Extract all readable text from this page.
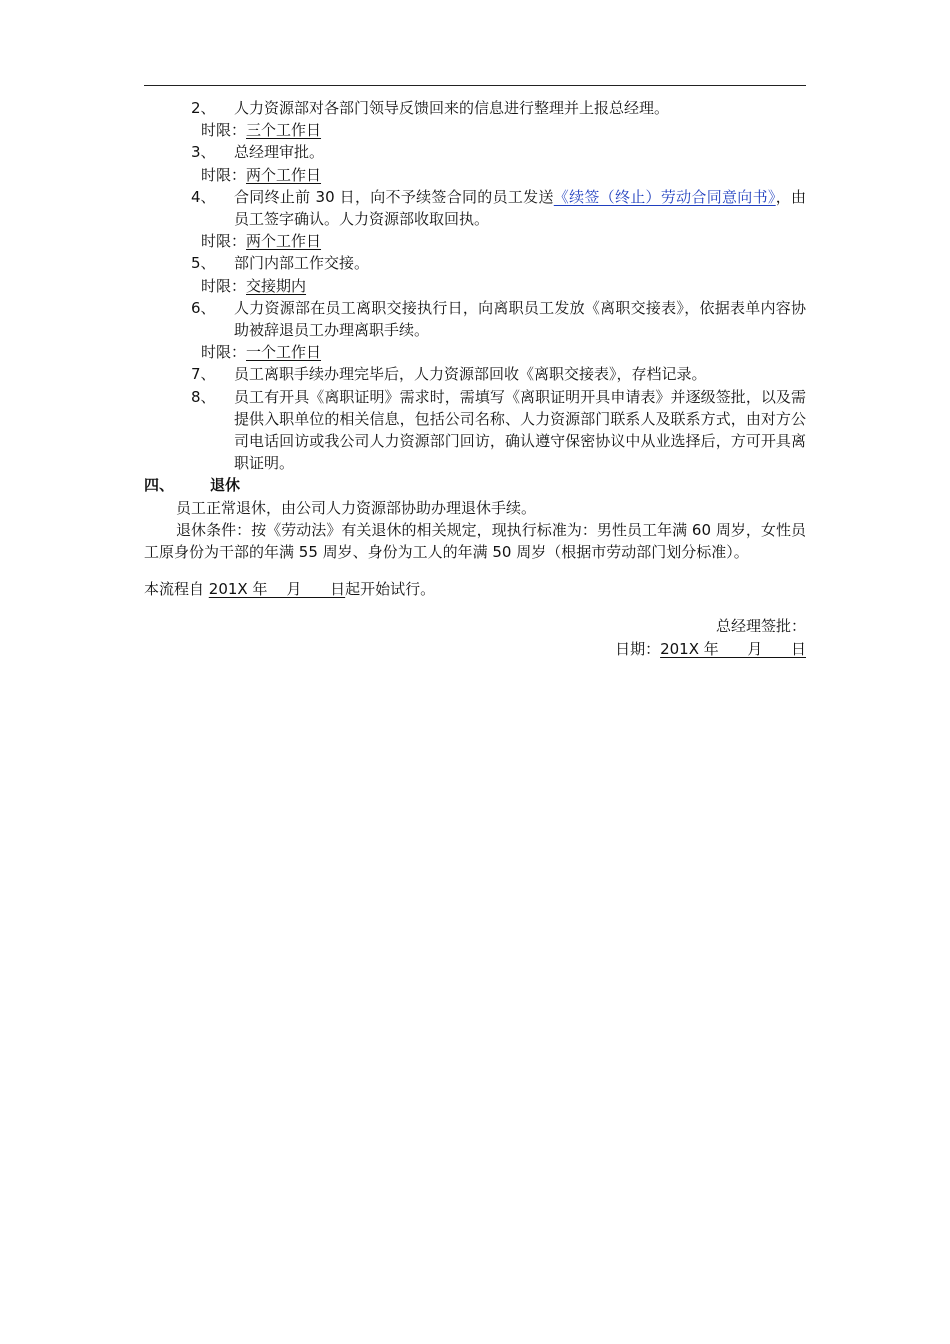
2、	人力资源部对各部门领导反馈回来的信息进行整理并上报总经理。
时限：三个工作日
3、	总经理审批。
时限：两个工作日
4、	合同终止前 30 日，向不予续签合同的员工发送《续签（终止）劳动合同意向书》，由员工签字确认。人力资源部收取回执。
时限：两个工作日
5、	部门内部工作交接。
时限：交接期内
6、	人力资源部在员工离职交接执行日，向离职员工发放《离职交接表》，依据表单内容协助被辞退员工办理离职手续。
时限：一个工作日
7、	员工离职手续办理完毕后，人力资源部回收《离职交接表》，存档记录。
8、	员工有开具《离职证明》需求时，需填写《离职证明开具申请表》并逐级签批，以及需提供入职单位的相关信息，包括公司名称、人力资源部门联系人及联系方式，由对方公司电话回访或我公司人力资源部门回访，确认遵守保密协议中从业选择后，方可开具离职证明。
四、	退休
员工正常退休，由公司人力资源部协助办理退休手续。
退休条件：按《劳动法》有关退休的相关规定，现执行标准为：男性员工年满 60 周岁，女性员工原身份为干部的年满 55 周岁、身份为工人的年满 50 周岁（根据市劳动部门划分标准）。
本流程自 201X 年    月      日起开始试行。
总经理签批：
日期：201X 年      月      日
